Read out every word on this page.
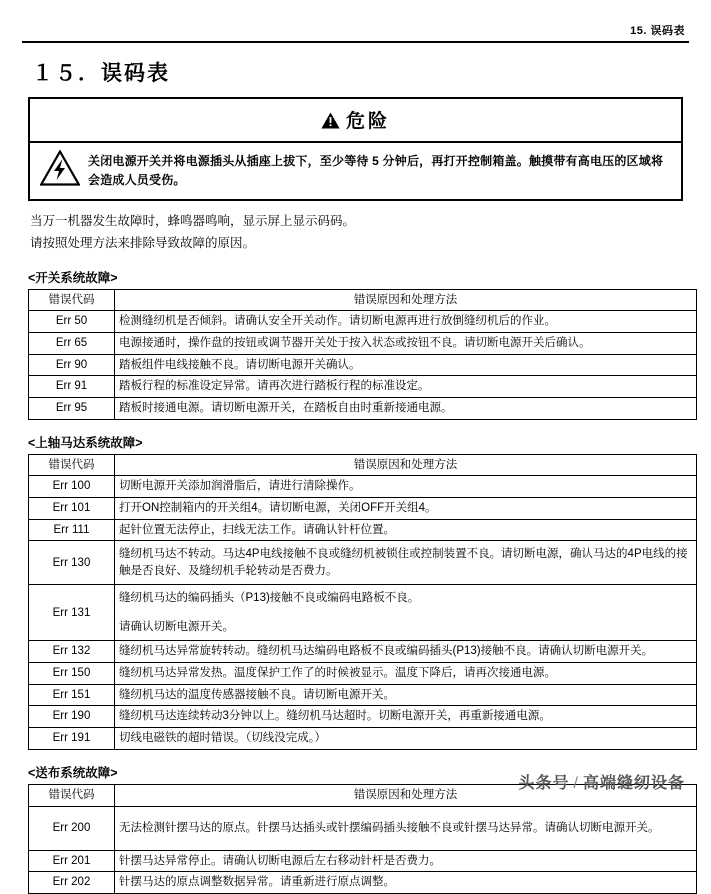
15. 误码表
１５．误码表
危险
关闭电源开关并将电源插头从插座上拔下，至少等待 5 分钟后，再打开控制箱盖。触摸带有高电压的区域将会造成人员受伤。
当万一机器发生故障时，蜂鸣器鸣响，显示屏上显示码码。
请按照处理方法来排除导致故障的原因。
<开关系统故障>
错误代码	错误原因和处理方法
Err 50	检测缝纫机是否倾斜。请确认安全开关动作。请切断电源再进行放倒缝纫机后的作业。
Err 65	电源接通时，操作盘的按钮或调节器开关处于按入状态或按钮不良。请切断电源开关后确认。
Err 90	踏板组件电线接触不良。请切断电源开关确认。
Err 91	踏板行程的标准设定异常。请再次进行踏板行程的标准设定。
Err 95	踏板时接通电源。请切断电源开关，在踏板自由时重新接通电源。
<上轴马达系统故障>
错误代码	错误原因和处理方法
Err 100	切断电源开关添加润滑脂后，请进行清除操作。
Err 101	打开ON控制箱内的开关组4。请切断电源，关闭OFF开关组4。
Err 111	起针位置无法停止，扫线无法工作。请确认针杆位置。
Err 130	缝纫机马达不转动。马达4P电线接触不良或缝纫机被锁住或控制装置不良。请切断电源，确认马达的4P电线的接触是否良好、及缝纫机手轮转动是否费力。
Err 131	缝纫机马达的编码插头（P13)接触不良或编码电路板不良。

请确认切断电源开关。

Err 132	缝纫机马达异常旋转转动。缝纫机马达编码电路板不良或编码插头(P13)接触不良。请确认切断电源开关。
Err 150	缝纫机马达异常发热。温度保护工作了的时候被显示。温度下降后，请再次接通电源。
Err 151	缝纫机马达的温度传感器接触不良。请切断电源开关。
Err 190	缝纫机马达连续转动3分钟以上。缝纫机马达超时。切断电源开关，再重新接通电源。
Err 191	切线电磁铁的超时错误。（切线没完成。）
<送布系统故障>
错误代码	错误原因和处理方法
Err 200	无法检测针摆马达的原点。针摆马达插头或针摆编码插头接触不良或针摆马达异常。请确认切断电源开关。
Err 201	针摆马达异常停止。请确认切断电源后左右移动针杆是否费力。
Err 202	针摆马达的原点调整数据异常。请重新进行原点调整。
头条号 / 高端缝纫设备
